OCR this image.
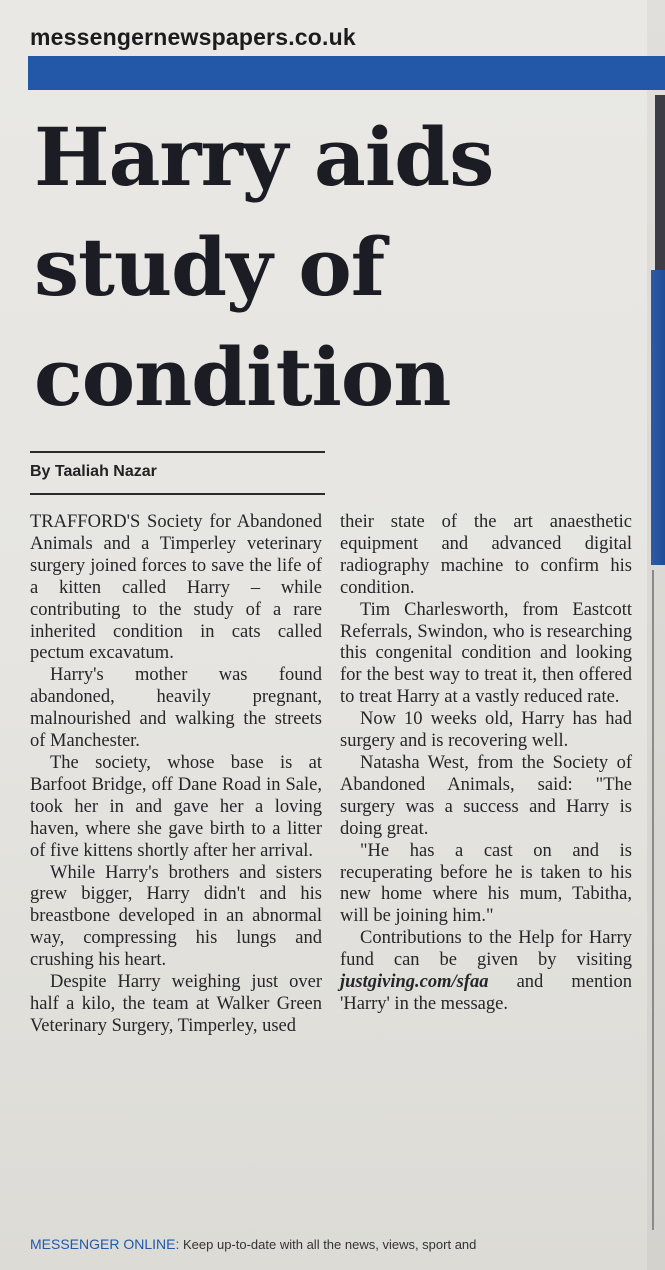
messengernewspapers.co.uk
Harry aids
study of
condition
By Taaliah Nazar

TRAFFORD'S Society for Abandoned Animals and a Timperley veterinary surgery joined forces to save the life of a kitten called Harry – while contributing to the study of a rare inherited condition in cats called pectum excavatum.

Harry's mother was found abandoned, heavily pregnant, malnourished and walking the streets of Manchester.

The society, whose base is at Barfoot Bridge, off Dane Road in Sale, took her in and gave her a loving haven, where she gave birth to a litter of five kittens shortly after her arrival.

While Harry's brothers and sisters grew bigger, Harry didn't and his breastbone developed in an abnormal way, compressing his lungs and crushing his heart.

Despite Harry weighing just over half a kilo, the team at Walker Green Veterinary Surgery, Timperley, used

their state of the art anaesthetic equipment and advanced digital radiography machine to confirm his condition.

Tim Charlesworth, from Eastcott Referrals, Swindon, who is researching this congenital condition and looking for the best way to treat it, then offered to treat Harry at a vastly reduced rate.

Now 10 weeks old, Harry has had surgery and is recovering well.

Natasha West, from the Society of Abandoned Animals, said: "The surgery was a success and Harry is doing great.

"He has a cast on and is recuperating before he is taken to his new home where his mum, Tabitha, will be joining him."

Contributions to the Help for Harry fund can be given by visiting justgiving.com/sfaa and mention 'Harry' in the message.

MESSENGER ONLINE: Keep up-to-date with all the news, views, sport and
